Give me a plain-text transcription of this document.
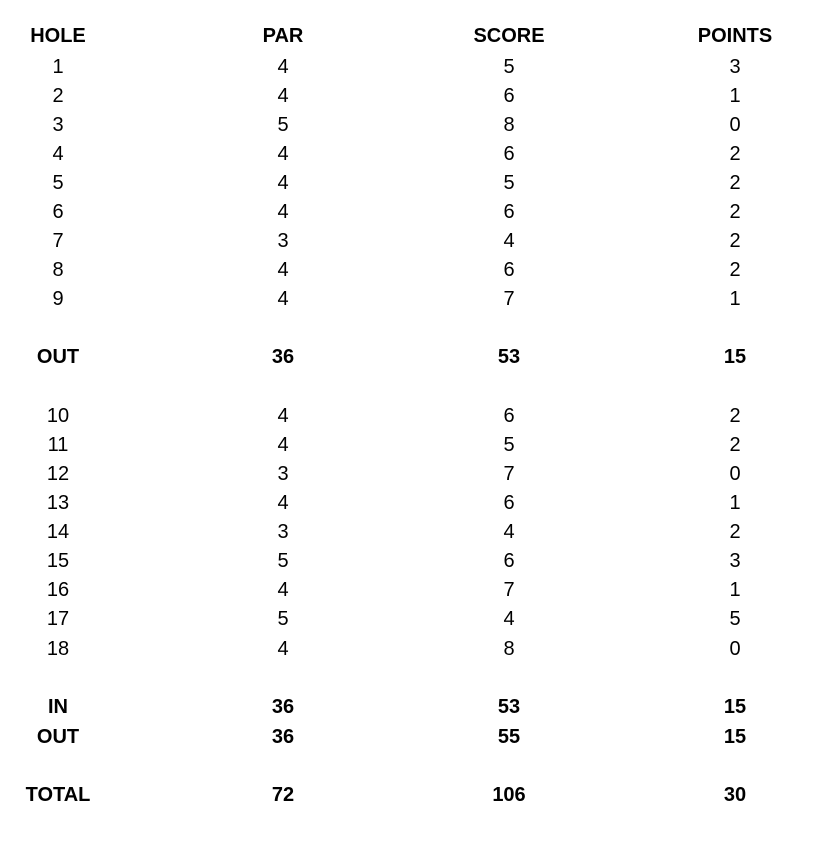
HOLE	PAR	SCORE	POINTS
1	4	5	3
2	4	6	1
3	5	8	0
4	4	6	2
5	4	5	2
6	4	6	2
7	3	4	2
8	4	6	2
9	4	7	1
OUT	36	53	15
10	4	6	2
11	4	5	2
12	3	7	0
13	4	6	1
14	3	4	2
15	5	6	3
16	4	7	1
17	5	4	5
18	4	8	0
IN	36	53	15
OUT	36	55	15
TOTAL	72	106	30
